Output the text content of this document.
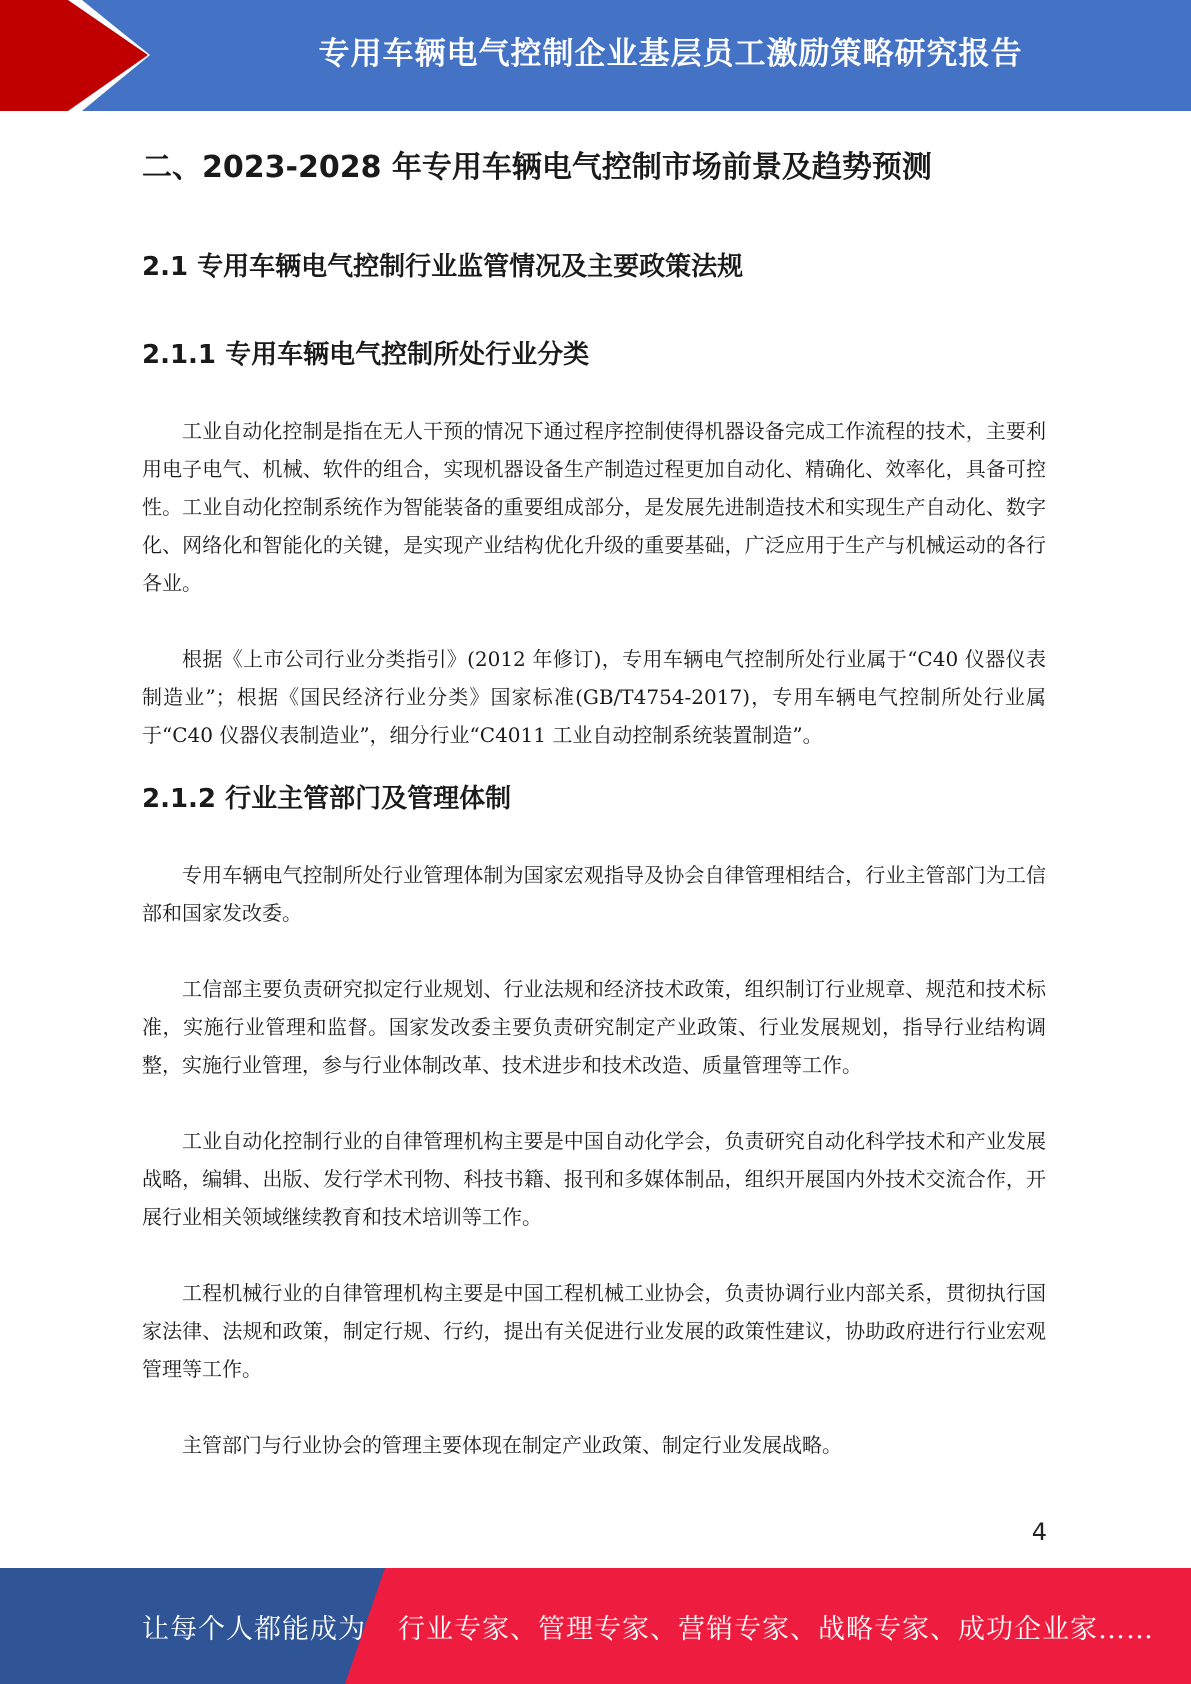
专用车辆电气控制企业基层员工激励策略研究报告
二、2023-2028 年专用车辆电气控制市场前景及趋势预测
2.1 专用车辆电气控制行业监管情况及主要政策法规
2.1.1 专用车辆电气控制所处行业分类

工业自动化控制是指在无人干预的情况下通过程序控制使得机器设备完成工作流程的技术，主要利用电子电气、机械、软件的组合，实现机器设备生产制造过程更加自动化、精确化、效率化，具备可控性。工业自动化控制系统作为智能装备的重要组成部分，是发展先进制造技术和实现生产自动化、数字化、网络化和智能化的关键，是实现产业结构优化升级的重要基础，广泛应用于生产与机械运动的各行各业。

根据《上市公司行业分类指引》(2012 年修订)，专用车辆电气控制所处行业属于“C40 仪器仪表制造业”；根据《国民经济行业分类》国家标准(GB/T4754-2017)，专用车辆电气控制所处行业属于“C40 仪器仪表制造业”，细分行业“C4011 工业自动控制系统装置制造”。

2.1.2 行业主管部门及管理体制

专用车辆电气控制所处行业管理体制为国家宏观指导及协会自律管理相结合，行业主管部门为工信部和国家发改委。

工信部主要负责研究拟定行业规划、行业法规和经济技术政策，组织制订行业规章、规范和技术标准，实施行业管理和监督。国家发改委主要负责研究制定产业政策、行业发展规划，指导行业结构调整，实施行业管理，参与行业体制改革、技术进步和技术改造、质量管理等工作。

工业自动化控制行业的自律管理机构主要是中国自动化学会，负责研究自动化科学技术和产业发展战略，编辑、出版、发行学术刊物、科技书籍、报刊和多媒体制品，组织开展国内外技术交流合作，开展行业相关领域继续教育和技术培训等工作。

工程机械行业的自律管理机构主要是中国工程机械工业协会，负责协调行业内部关系，贯彻执行国家法律、法规和政策，制定行规、行约，提出有关促进行业发展的政策性建议，协助政府进行行业宏观管理等工作。

主管部门与行业协会的管理主要体现在制定产业政策、制定行业发展战略。

4
让每个人都能成为 行业专家、管理专家、营销专家、战略专家、成功企业家……
